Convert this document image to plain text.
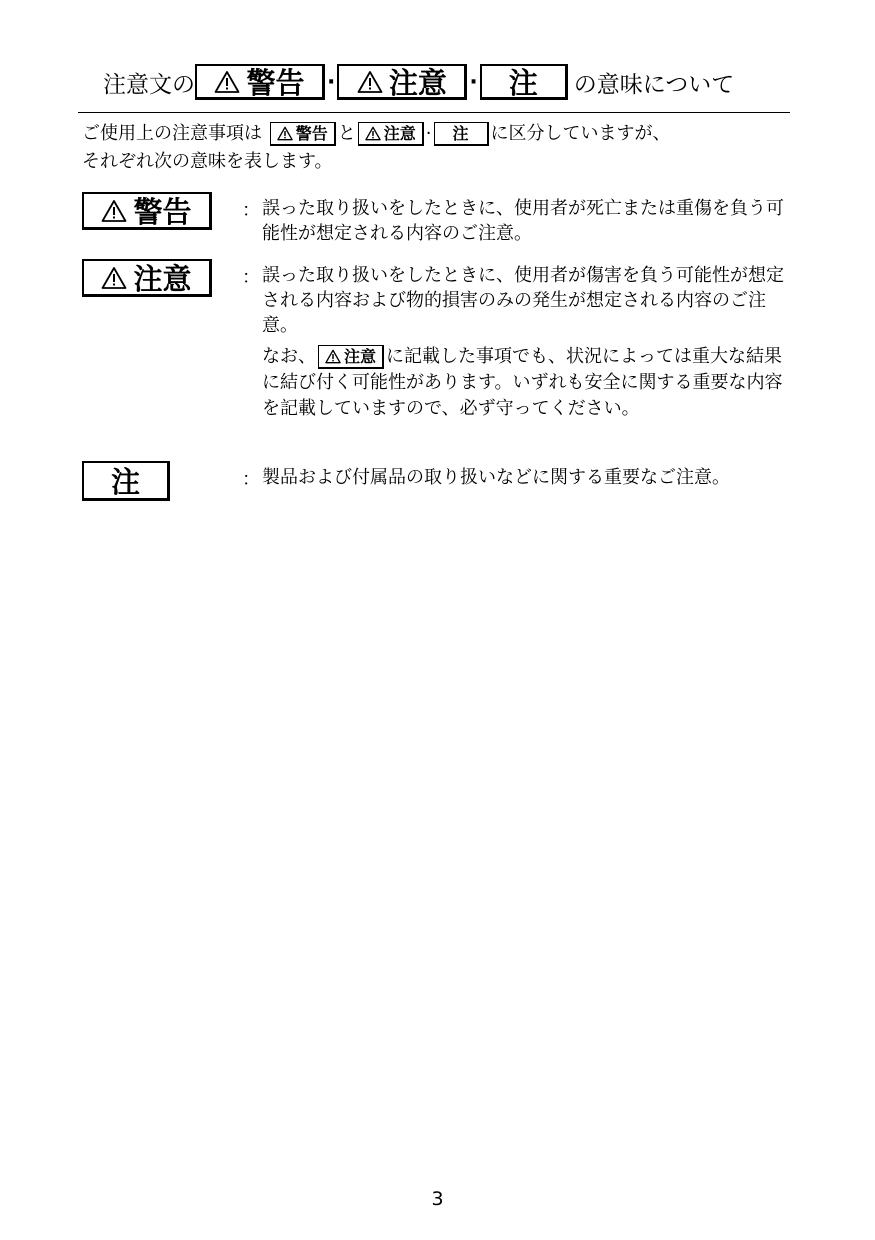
注意文の 警告 · 注意 · 注 の意味について
ご使用上の注意事項は 警告 と 注意 · 注 に区分していますが、
それぞれ次の意味を表します。
警告	： 誤った取り扱いをしたときに、使用者が死亡または重傷を負う可能性が想定される内容のご注意。

注意	： 誤った取り扱いをしたときに、使用者が傷害を負う可能性が想定される内容および物的損害のみの発生が想定される内容のご注意。

なお、 注意 に記載した事項でも、状況によっては重大な結果に結び付く可能性があります。いずれも安全に関する重要な内容を記載していますので、必ず守ってください。

注	： 製品および付属品の取り扱いなどに関する重要なご注意。

3
